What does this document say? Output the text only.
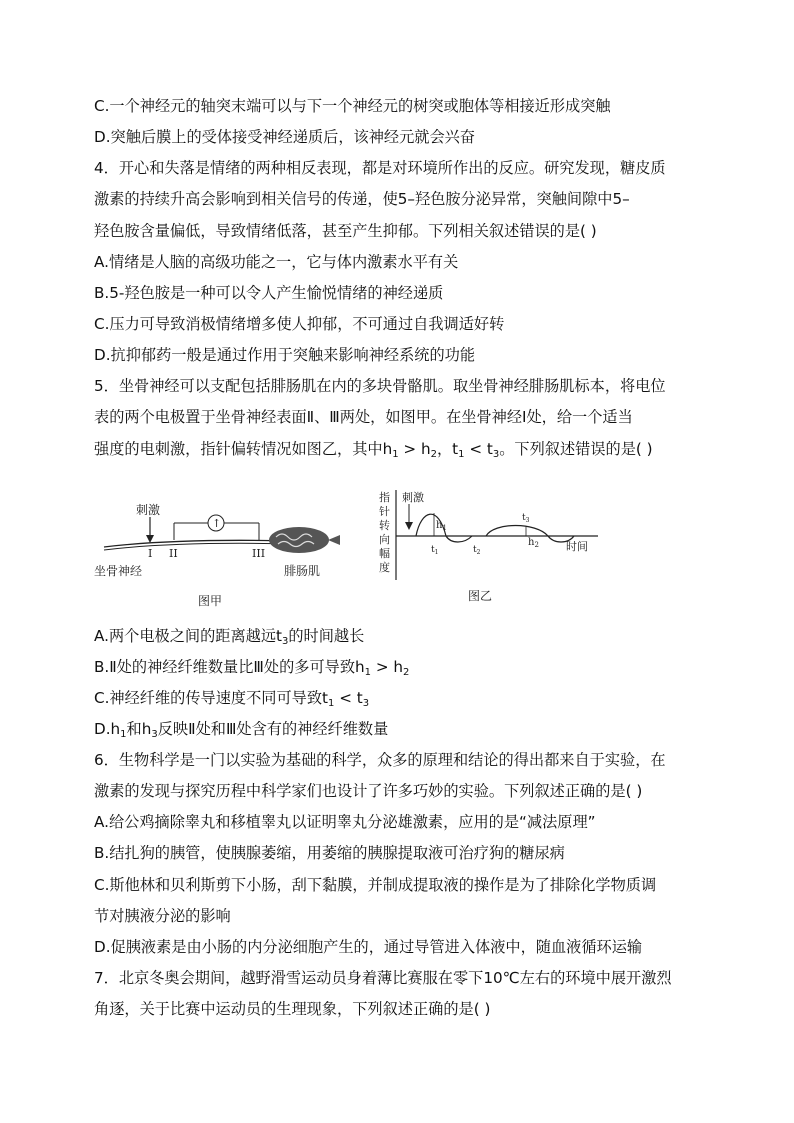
C.一个神经元的轴突末端可以与下一个神经元的树突或胞体等相接近形成突触
D.突触后膜上的受体接受神经递质后，该神经元就会兴奋
4．开心和失落是情绪的两种相反表现，都是对环境所作出的反应。研究发现，糖皮质
激素的持续升高会影响到相关信号的传递，使5–羟色胺分泌异常，突触间隙中5–
羟色胺含量偏低，导致情绪低落，甚至产生抑郁。下列相关叙述错误的是( )
A.情绪是人脑的高级功能之一，它与体内激素水平有关
B.5-羟色胺是一种可以令人产生愉悦情绪的神经递质
C.压力可导致消极情绪增多使人抑郁，不可通过自我调适好转
D.抗抑郁药一般是通过作用于突触来影响神经系统的功能
5．坐骨神经可以支配包括腓肠肌在内的多块骨骼肌。取坐骨神经腓肠肌标本，将电位
表的两个电极置于坐骨神经表面Ⅱ、Ⅲ两处，如图甲。在坐骨神经Ⅰ处，给一个适当
强度的电刺激，指针偏转情况如图乙，其中$h_1 > h_2$，$t_1 < t_3$。下列叙述错误的是( )
刺激
↑
I II	III
坐骨神经	腓肠肌
图甲
指
针
转
向
幅
度
刺激
$h_1$
$h_2$
$t_1$	$t_2$
$t_3$
时间
图乙
A.两个电极之间的距离越远$t_3$的时间越长
B.Ⅱ处的神经纤维数量比Ⅲ处的多可导致$h_1 > h_2$
C.神经纤维的传导速度不同可导致$t_1 < t_3$
$D.h_1$和$h_3$反映Ⅱ处和Ⅲ处含有的神经纤维数量
6．生物科学是一门以实验为基础的科学，众多的原理和结论的得出都来自于实验，在
激素的发现与探究历程中科学家们也设计了许多巧妙的实验。下列叙述正确的是( )
A.给公鸡摘除睾丸和移植睾丸以证明睾丸分泌雄激素，应用的是“减法原理”
B.结扎狗的胰管，使胰腺萎缩，用萎缩的胰腺提取液可治疗狗的糖尿病
C.斯他林和贝利斯剪下小肠，刮下黏膜，并制成提取液的操作是为了排除化学物质调
节对胰液分泌的影响
D.促胰液素是由小肠的内分泌细胞产生的，通过导管进入体液中，随血液循环运输
7．北京冬奥会期间，越野滑雪运动员身着薄比赛服在零下10℃左右的环境中展开激烈
角逐，关于比赛中运动员的生理现象，下列叙述正确的是( )
